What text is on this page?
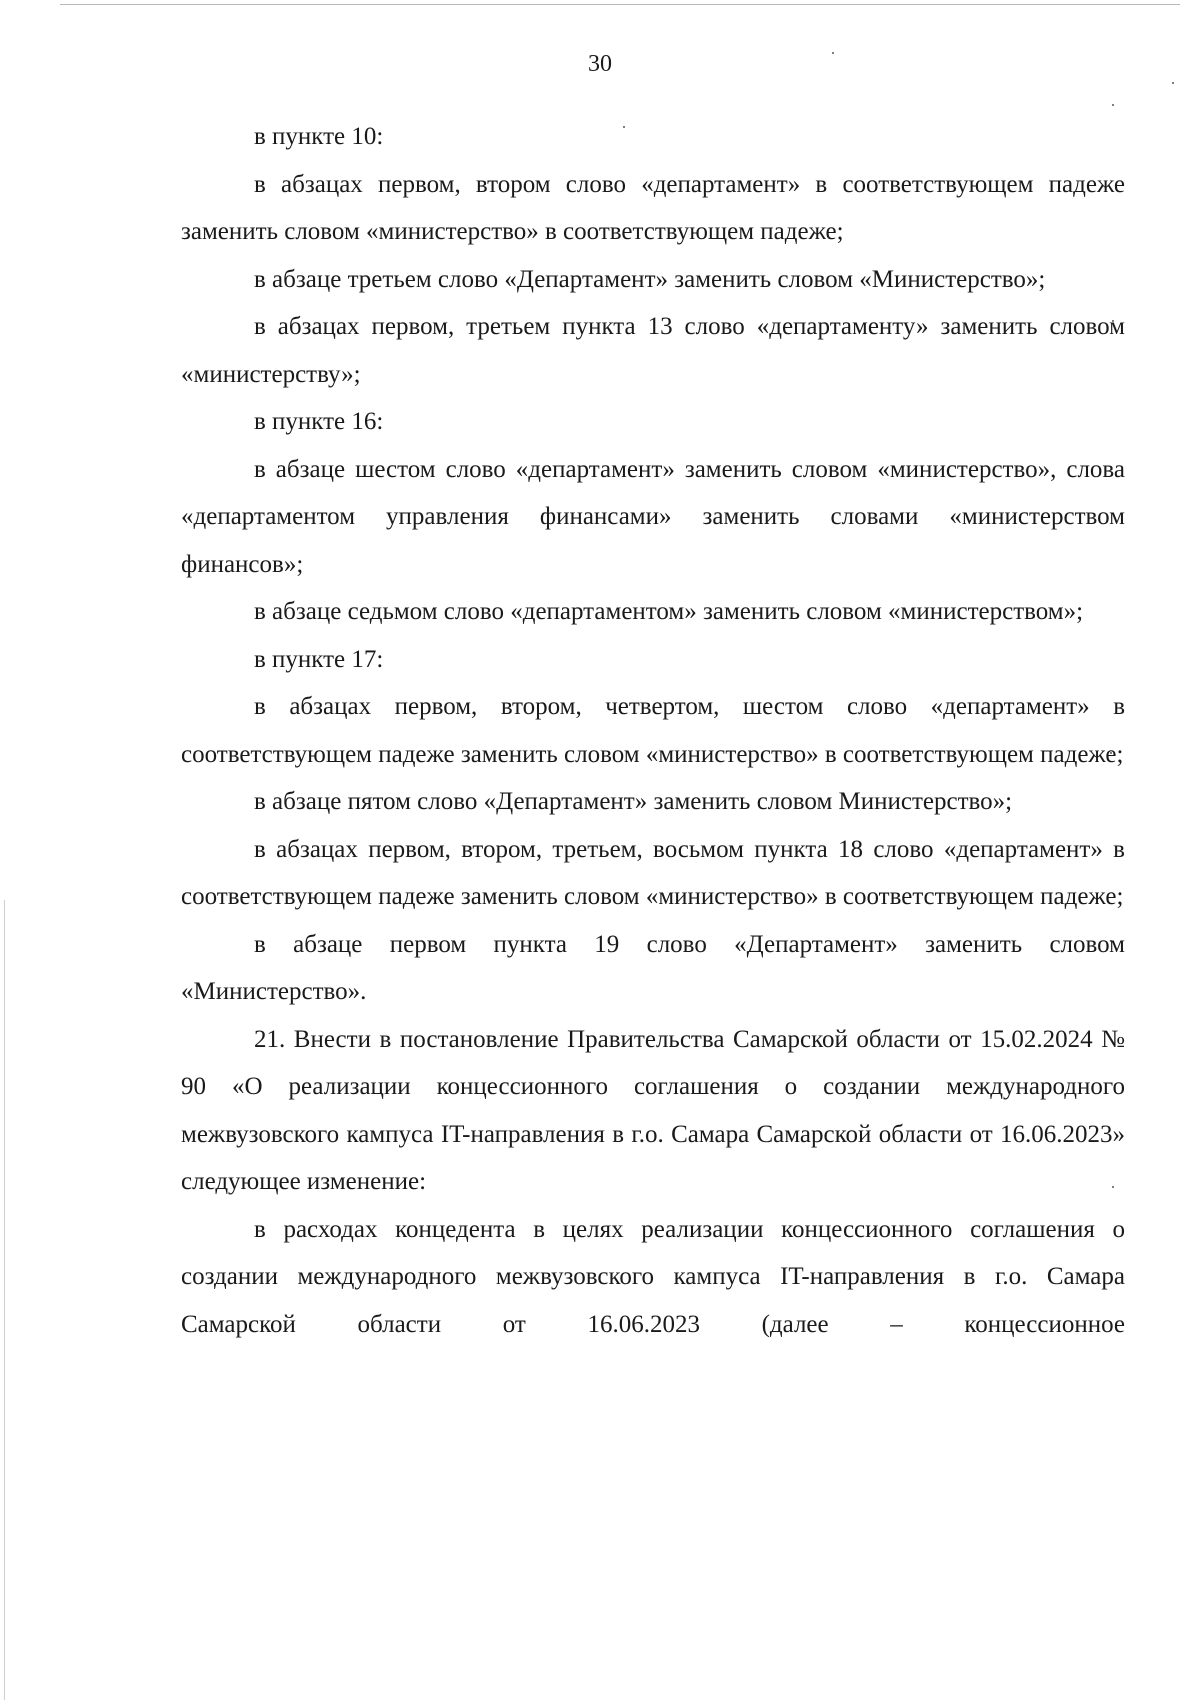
30

в пункте 10:

в абзацах первом, втором слово «департамент» в соответствующем падеже заменить словом «министерство» в соответствующем падеже;

в абзаце третьем слово «Департамент» заменить словом «Министерство»;

в абзацах первом, третьем пункта 13 слово «департаменту» заменить словом «министерству»;

в пункте 16:

в абзаце шестом слово «департамент» заменить словом «министерство», слова «департаментом управления финансами» заменить словами «министерством финансов»;

в абзаце седьмом слово «департаментом» заменить словом «министерством»;

в пункте 17:

в абзацах первом, втором, четвертом, шестом слово «департамент» в соответствующем падеже заменить словом «министерство» в соответствующем падеже;

в абзаце пятом слово «Департамент» заменить словом Министерство»;

в абзацах первом, втором, третьем, восьмом пункта 18 слово «департамент» в соответствующем падеже заменить словом «министерство» в соответствующем падеже;

в абзаце первом пункта 19 слово «Департамент» заменить словом «Министерство».

21. Внести в постановление Правительства Самарской области от 15.02.2024 № 90 «О реализации концессионного соглашения о создании международного межвузовского кампуса IT-направления в г.о. Самара Самарской области от 16.06.2023» следующее изменение:

в расходах концедента в целях реализации концессионного соглашения о создании международного межвузовского кампуса IT-направления в г.о. Самара Самарской области от 16.06.2023 (далее – концессионное
